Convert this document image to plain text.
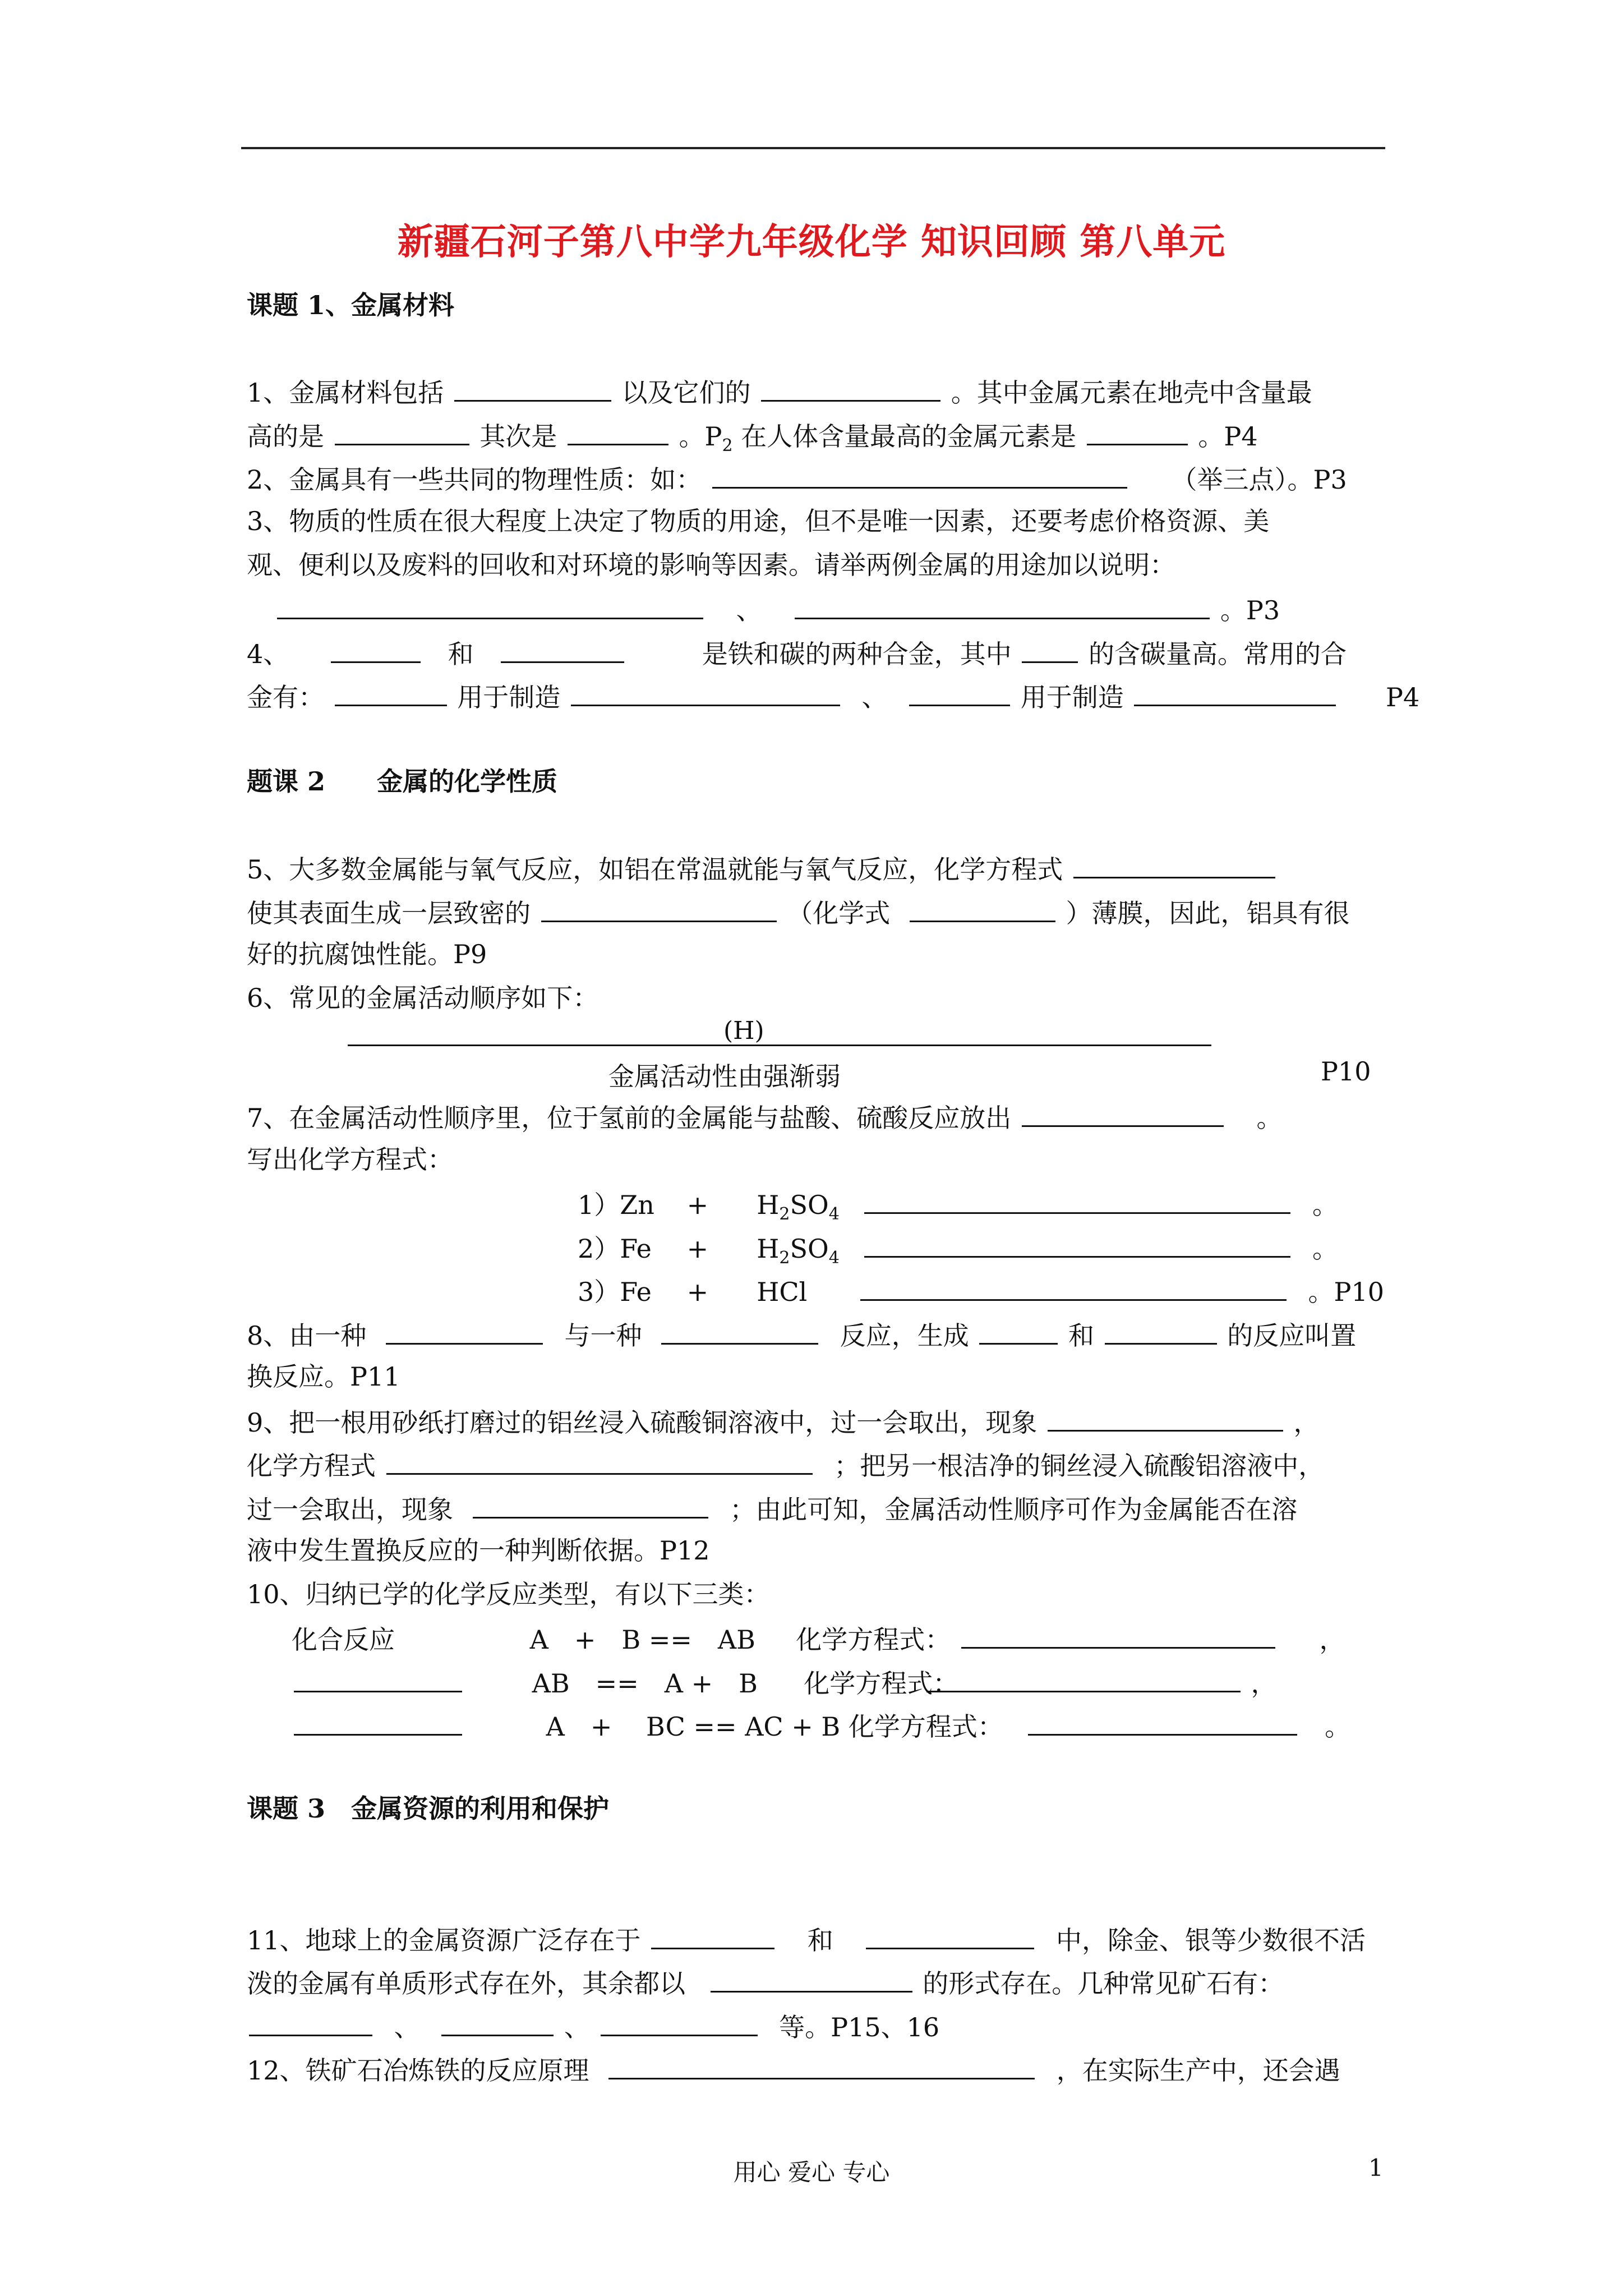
新疆石河子第八中学九年级化学 知识回顾 第八单元
课题 1、金属材料
1、金属材料包括	以及它们的	。其中金属元素在地壳中含量最
高的是	其次是	。$P_2$ 在人体含量最高的金属元素是	。P4
2、金属具有一些共同的物理性质：如：	（举三点）。P3
3、物质的性质在很大程度上决定了物质的用途，但不是唯一因素，还要考虑价格资源、美
观、便利以及废料的回收和对环境的影响等因素。请举两例金属的用途加以说明：
、	。P3
4、	和	是铁和碳的两种合金，其中	的含碳量高。常用的合
金有：	用于制造	、	用于制造	P4
题课 2　　金属的化学性质
5、大多数金属能与氧气反应，如铝在常温就能与氧气反应，化学方程式
使其表面生成一层致密的	（化学式	）薄膜，因此，铝具有很
好的抗腐蚀性能。P9
6、常见的金属活动顺序如下：
(H)
金属活动性由强渐弱	P10
7、在金属活动性顺序里，位于氢前的金属能与盐酸、硫酸反应放出	。
写出化学方程式：
$1)Zn + H_2SO_4$	。
$2)Fe + H_2SO_4$	。
3）Fe + HCl	。P10
8、由一种	与一种	反应，生成	和	的反应叫置
换反应。P11
9、把一根用砂纸打磨过的铝丝浸入硫酸铜溶液中，过一会取出，现象	，
化学方程式	；把另一根洁净的铜丝浸入硫酸铝溶液中，
过一会取出，现象	；由此可知，金属活动性顺序可作为金属能否在溶
液中发生置换反应的一种判断依据。P12
10、归纳已学的化学反应类型，有以下三类：
化合反应	A　+　B ==　AB 化学方程式：	，
AB　==　A +　B 化学方程式：	，
A　+　 BC == AC + B 化学方程式：	。
课题 3　金属资源的利用和保护
11、地球上的金属资源广泛存在于	和	中，除金、银等少数很不活
泼的金属有单质形式存在外，其余都以	的形式存在。几种常见矿石有：
、	、	等。P15、16
12、铁矿石冶炼铁的反应原理	，在实际生产中，还会遇
用心 爱心 专心	1
